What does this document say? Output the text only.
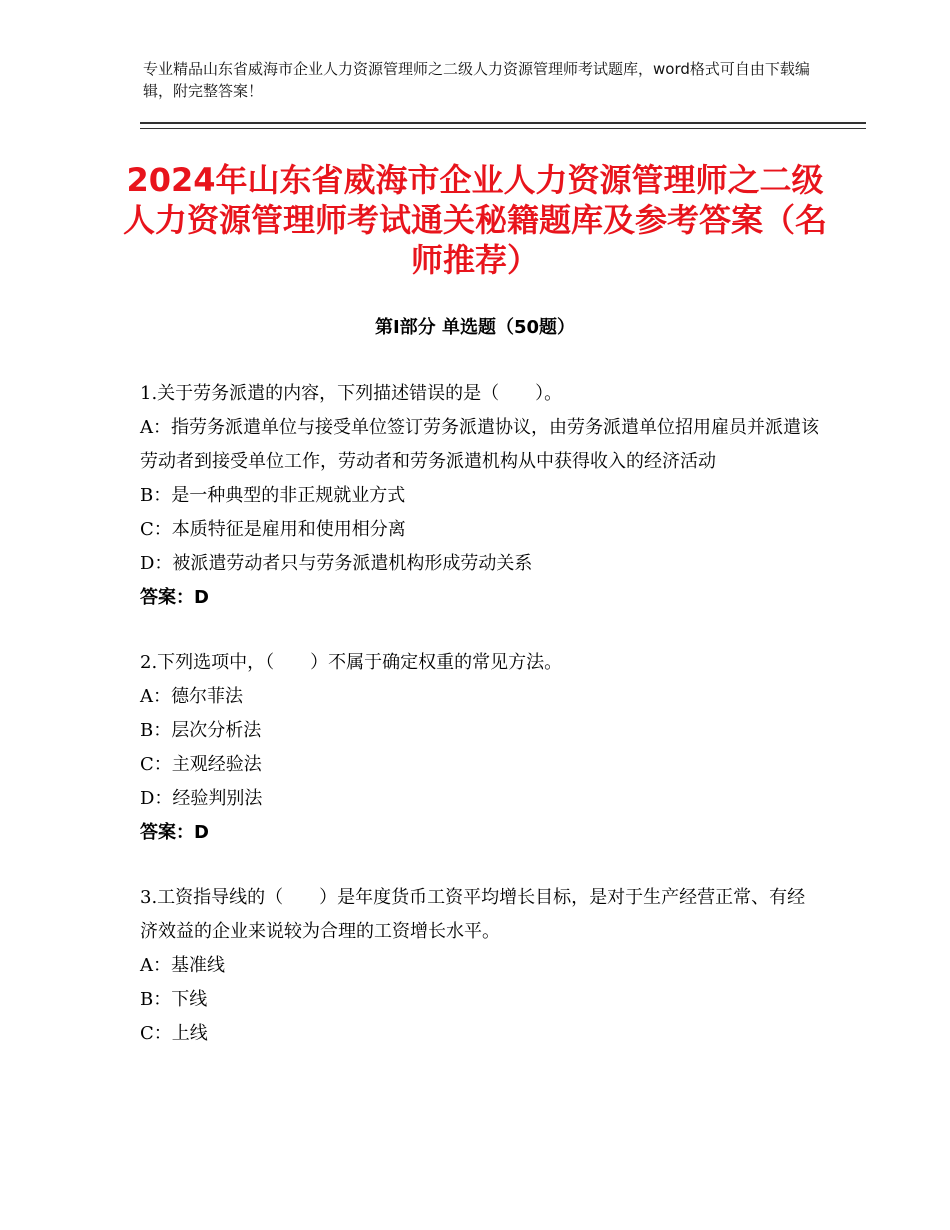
专业精品山东省威海市企业人力资源管理师之二级人力资源管理师考试题库，word格式可自由下载编辑，附完整答案！
2024年山东省威海市企业人力资源管理师之二级人力资源管理师考试通关秘籍题库及参考答案（名师推荐）
第Ⅰ部分 单选题（50题）

1.关于劳务派遣的内容，下列描述错误的是（　　）。

A：指劳务派遣单位与接受单位签订劳务派遣协议，由劳务派遣单位招用雇员并派遣该劳动者到接受单位工作，劳动者和劳务派遣机构从中获得收入的经济活动

B：是一种典型的非正规就业方式

C：本质特征是雇用和使用相分离

D：被派遣劳动者只与劳务派遣机构形成劳动关系

答案：D

2.下列选项中，（　　）不属于确定权重的常见方法。

A：德尔菲法

B：层次分析法

C：主观经验法

D：经验判别法

答案：D

3.工资指导线的（　　）是年度货币工资平均增长目标，是对于生产经营正常、有经济效益的企业来说较为合理的工资增长水平。

A：基准线

B：下线

C：上线
